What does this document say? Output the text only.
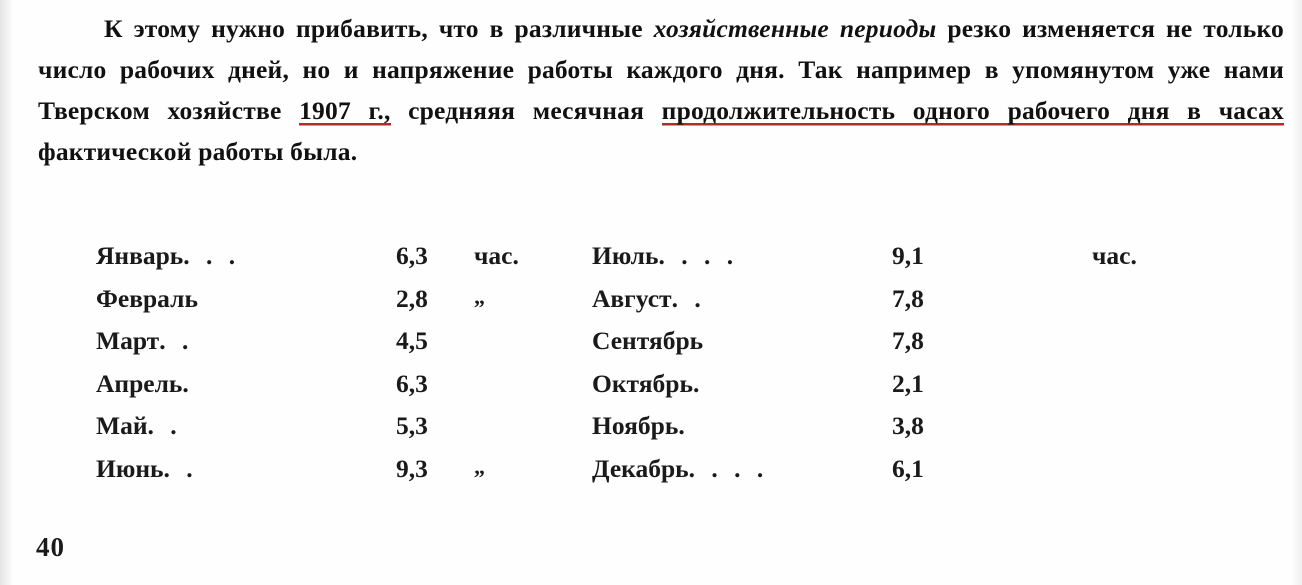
К этому нужно прибавить, что в различные хозяйственные периоды резко изменяется не только число рабочих дней, но и напряжение работы каждого дня. Так например в упомянутом уже нами Тверском хозяйстве 1907 г., средняяя месячная продолжительность одного рабочего дня в часах фактической работы была.

Январь. . .	6,3	час.	Июль. . . .	9,1	час.
Февраль	2,8	„	Август. .	7,8	
Март. .	4,5		Сентябрь	7,8	
Апрель.	6,3		Октябрь.	2,1	
Май. .	5,3		Ноябрь.	3,8	
Июнь. .	9,3	„	Декабрь. . . .	6,1	
40
